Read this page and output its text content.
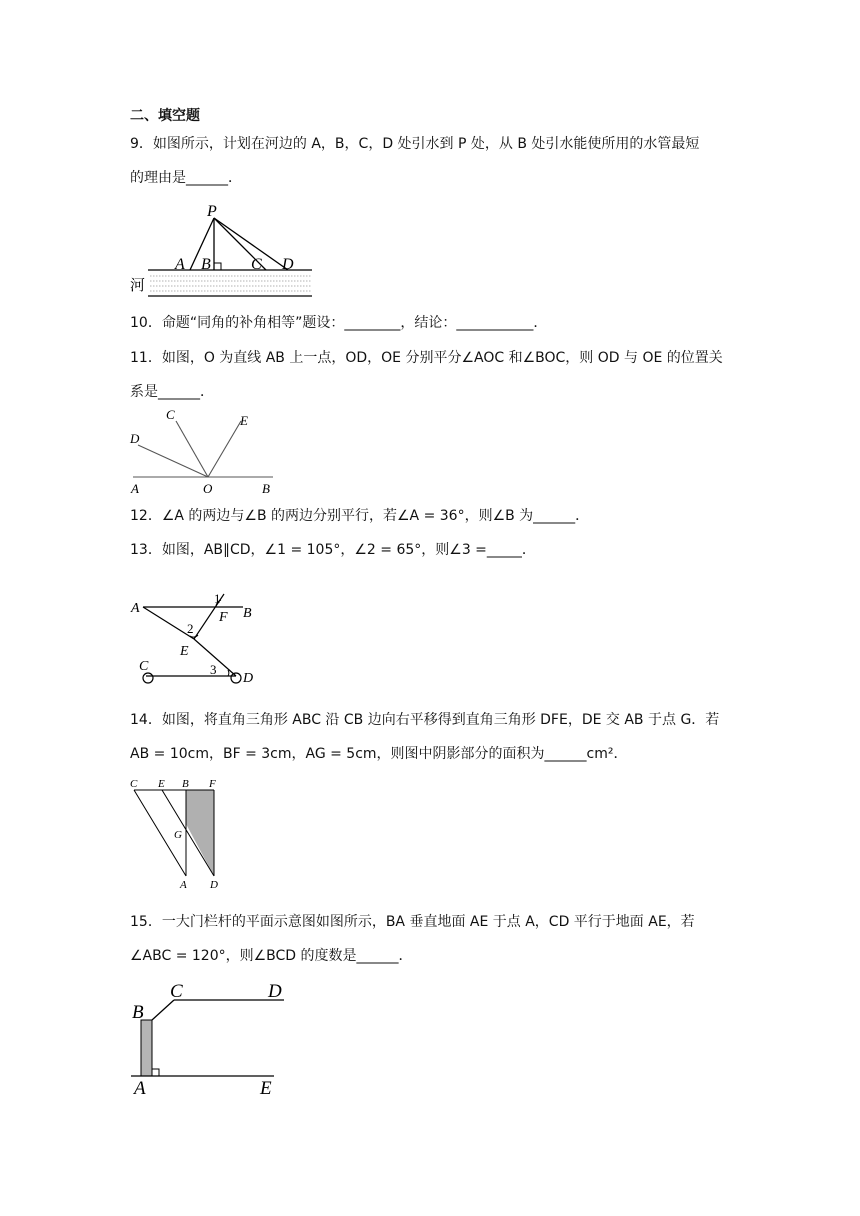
二、填空题
9．如图所示，计划在河边的 A，B，C，D 处引水到 P 处，从 B 处引水能使所用的水管最短
的理由是______．
P
A B	C D
河
10．命题“同角的补角相等”题设：________，结论：___________．
11．如图，O 为直线 AB 上一点，OD，OE 分别平分∠AOC 和∠BOC，则 OD 与 OE 的位置关
系是______．
A	O	B
C
D
E
12．∠A 的两边与∠B 的两边分别平行，若∠A = 36°，则∠B 为______．
13．如图，AB∥CD，∠1 = 105°，∠2 = 65°，则∠3 =_____．
A	B
C
D
E
F
1
2
3
14．如图，将直角三角形 ABC 沿 CB 边向右平移得到直角三角形 DFE，DE 交 AB 于点 G．若
AB = 10cm，BF = 3cm，AG = 5cm，则图中阴影部分的面积为______cm²．
C E B F
G
A D
15．一大门栏杆的平面示意图如图所示，BA 垂直地面 AE 于点 A，CD 平行于地面 AE，若
∠ABC = 120°，则∠BCD 的度数是______．
B
C	D
A	E
